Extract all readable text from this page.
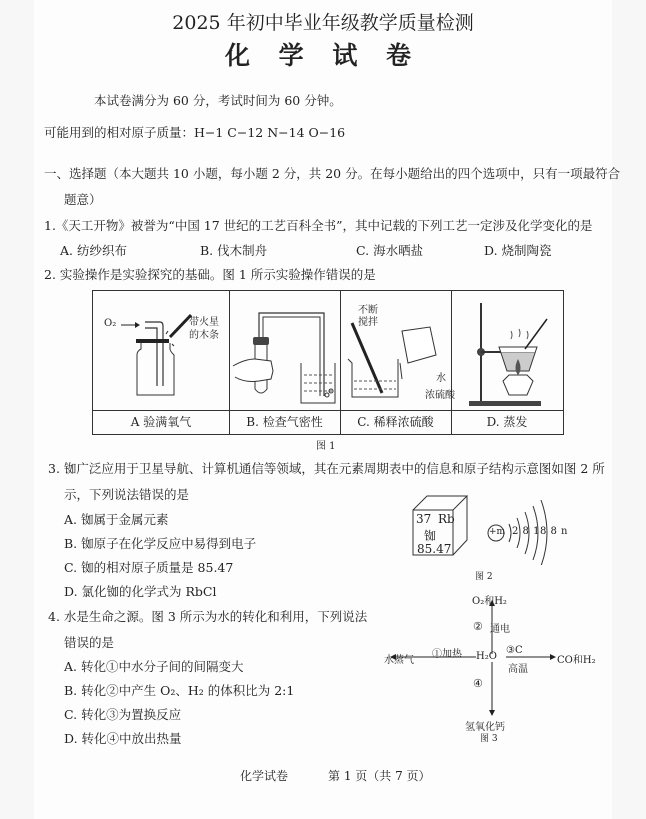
2025 年初中毕业年级教学质量检测
化 学 试 卷
本试卷满分为 60 分，考试时间为 60 分钟。
可能用到的相对原子质量：H−1 C−12 N−14 O−16
一、选择题（本大题共 10 小题，每小题 2 分，共 20 分。在每小题给出的四个选项中，只有一项最符合
题意）
1.《天工开物》被誉为“中国 17 世纪的工艺百科全书”，其中记载的下列工艺一定涉及化学变化的是
A. 纺纱织布	B. 伐木制舟	C. 海水晒盐	D. 烧制陶瓷
2. 实验操作是实验探究的基础。图 1 所示实验操作错误的是
A 验满氧气	B. 检查气密性	C. 稀释浓硫酸	D. 蒸发
O₂	带火星
的木条
不断
搅拌
水
浓硫酸
图 1
3. 铷广泛应用于卫星导航、计算机通信等领域，其在元素周期表中的信息和原子结构示意图如图 2 所
示，下列说法错误的是
A. 铷属于金属元素
B. 铷原子在化学反应中易得到电子
C. 铷的相对原子质量是 85.47
D. 氯化铷的化学式为 RbCl
37 Rb
铷
85.47
+m 2 8 18 8 n
图 2
4. 水是生命之源。图 3 所示为水的转化和利用，下列说法
错误的是
A. 转化①中水分子间的间隔变大
B. 转化②中产生 O₂、H₂ 的体积比为 2:1
C. 转化③为置换反应
D. 转化④中放出热量
O₂和H₂
② 通电
水蒸气
①加热 H₂O
③C
高温
CO和H₂
④
氢氧化钙
图 3
化学试卷	第 1 页（共 7 页）
